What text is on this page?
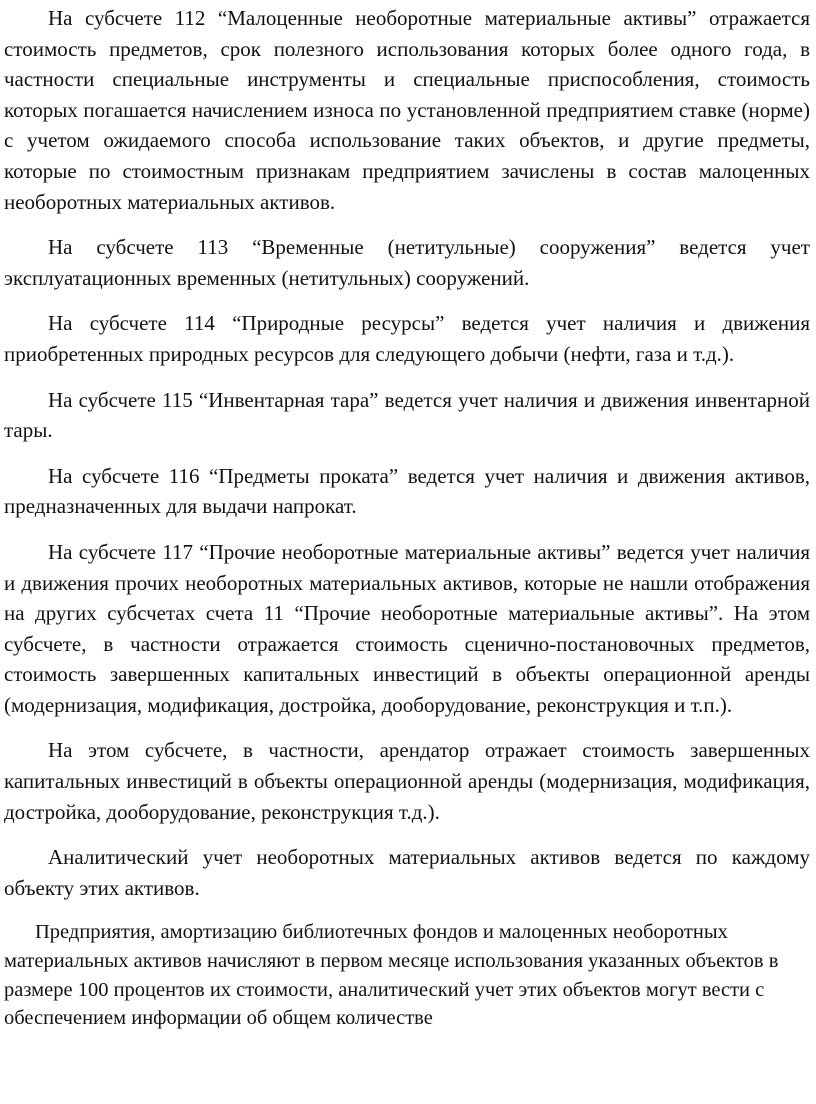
На субсчете 112 “Малоценные необоротные материальные активы” отражается стоимость предметов, срок полезного использования которых более одного года, в частности специальные инструменты и специальные приспособления, стоимость которых погашается начислением износа по установленной предприятием ставке (норме) с учетом ожидаемого способа использование таких объектов, и другие предметы, которые по стоимостным признакам предприятием зачислены в состав малоценных необоротных материальных активов.

На субсчете 113 “Временные (нетитульные) сооружения” ведется учет эксплуатационных временных (нетитульных) сооружений.

На субсчете 114 “Природные ресурсы” ведется учет наличия и движения приобретенных природных ресурсов для следующего добычи (нефти, газа и т.д.).

На субсчете 115 “Инвентарная тара” ведется учет наличия и движения инвентарной тары.

На субсчете 116 “Предметы проката” ведется учет наличия и движения активов, предназначенных для выдачи напрокат.

На субсчете 117 “Прочие необоротные материальные активы” ведется учет наличия и движения прочих необоротных материальных активов, которые не нашли отображения на других субсчетах счета 11 “Прочие необоротные материальные активы”. На этом субсчете, в частности отражается стоимость сценично-постановочных предметов, стоимость завершенных капитальных инвестиций в объекты операционной аренды (модернизация, модификация, достройка, дооборудование, реконструкция и т.п.).

На этом субсчете, в частности, арендатор отражает стоимость завершенных капитальных инвестиций в объекты операционной аренды (модернизация, модификация, достройка, дооборудование, реконструкция т.д.).

Аналитический учет необоротных материальных активов ведется по каждому объекту этих активов.

Предприятия, амортизацию библиотечных фондов и малоценных необоротных материальных активов начисляют в первом месяце использования указанных объектов в размере 100 процентов их стоимости, аналитический учет этих объектов могут вести с обеспечением информации об общем количестве
